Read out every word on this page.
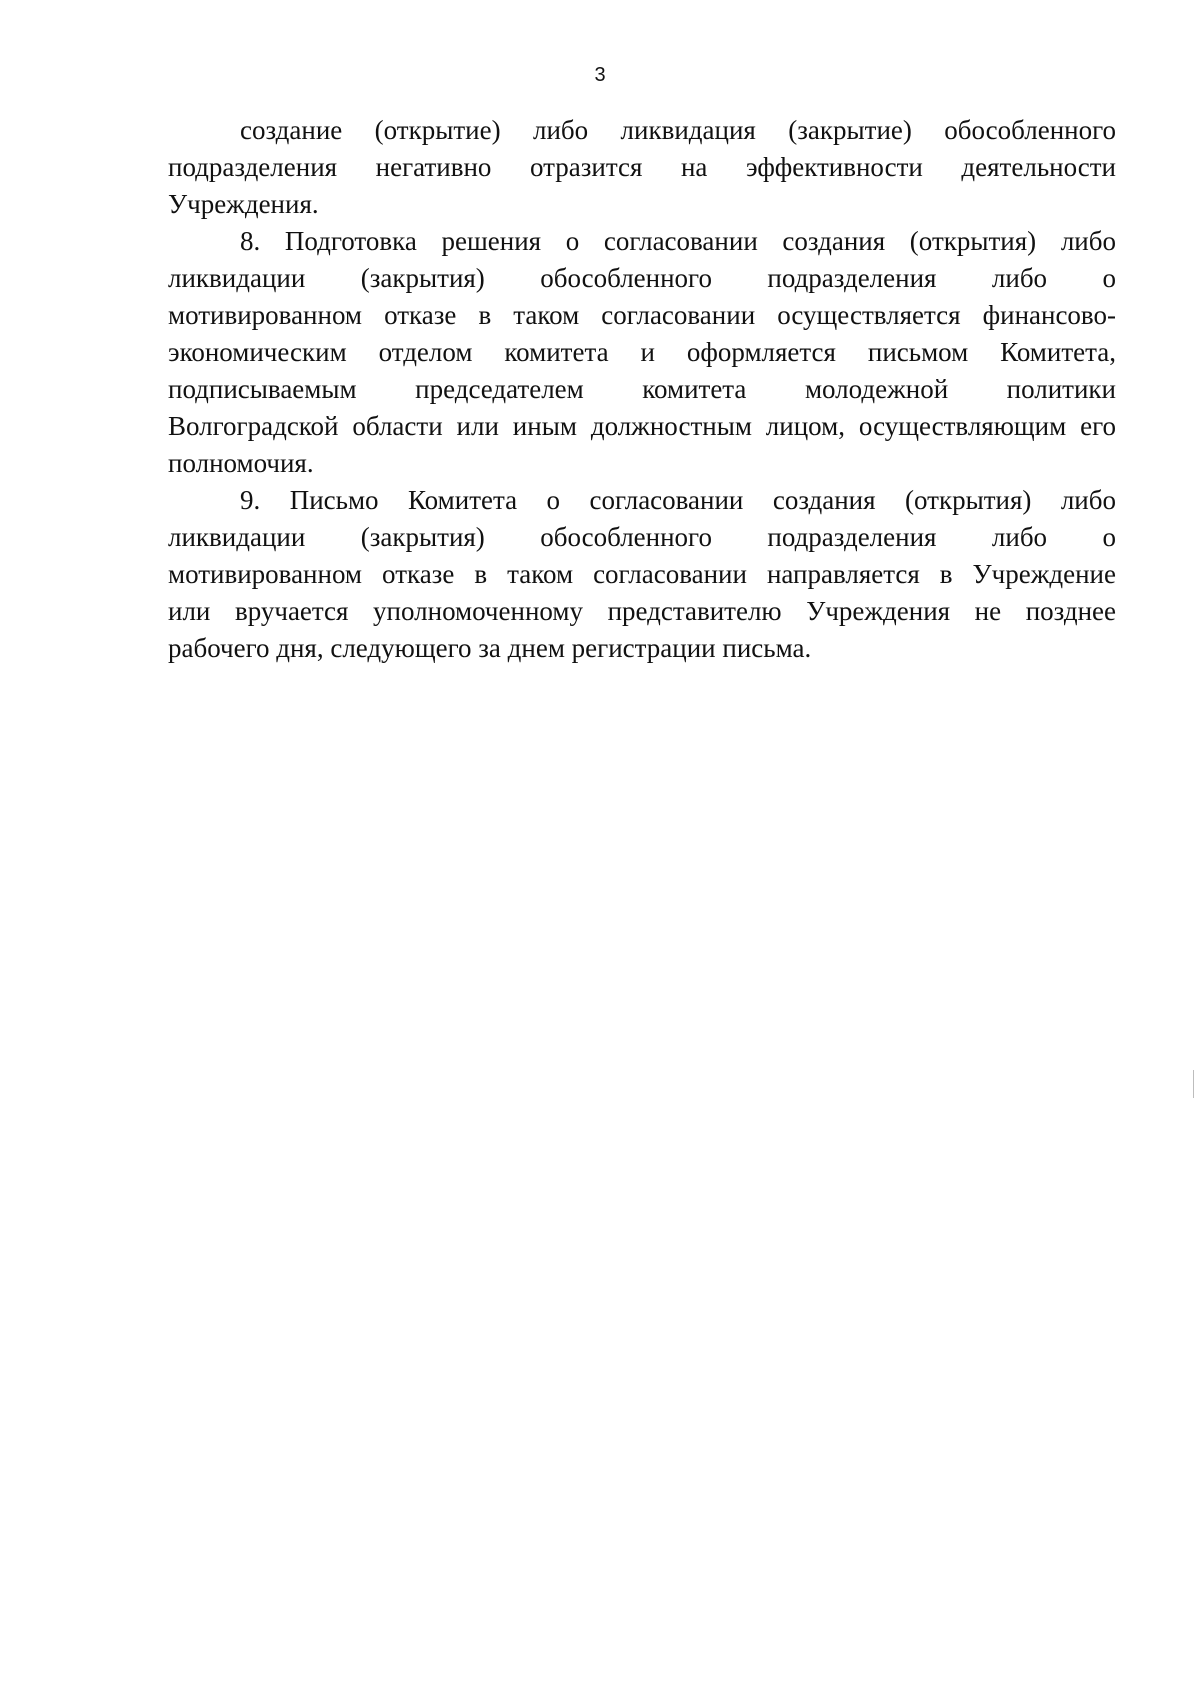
3
создание (открытие) либо ликвидация (закрытие) обособленного
подразделения негативно отразится на эффективности деятельности
Учреждения.
8. Подготовка решения о согласовании создания (открытия) либо
ликвидации (закрытия) обособленного подразделения либо о
мотивированном отказе в таком согласовании осуществляется финансово-
экономическим отделом комитета и оформляется письмом Комитета,
подписываемым председателем комитета молодежной политики
Волгоградской области или иным должностным лицом, осуществляющим его
полномочия.
9. Письмо Комитета о согласовании создания (открытия) либо
ликвидации (закрытия) обособленного подразделения либо о
мотивированном отказе в таком согласовании направляется в Учреждение
или вручается уполномоченному представителю Учреждения не позднее
рабочего дня, следующего за днем регистрации письма.
